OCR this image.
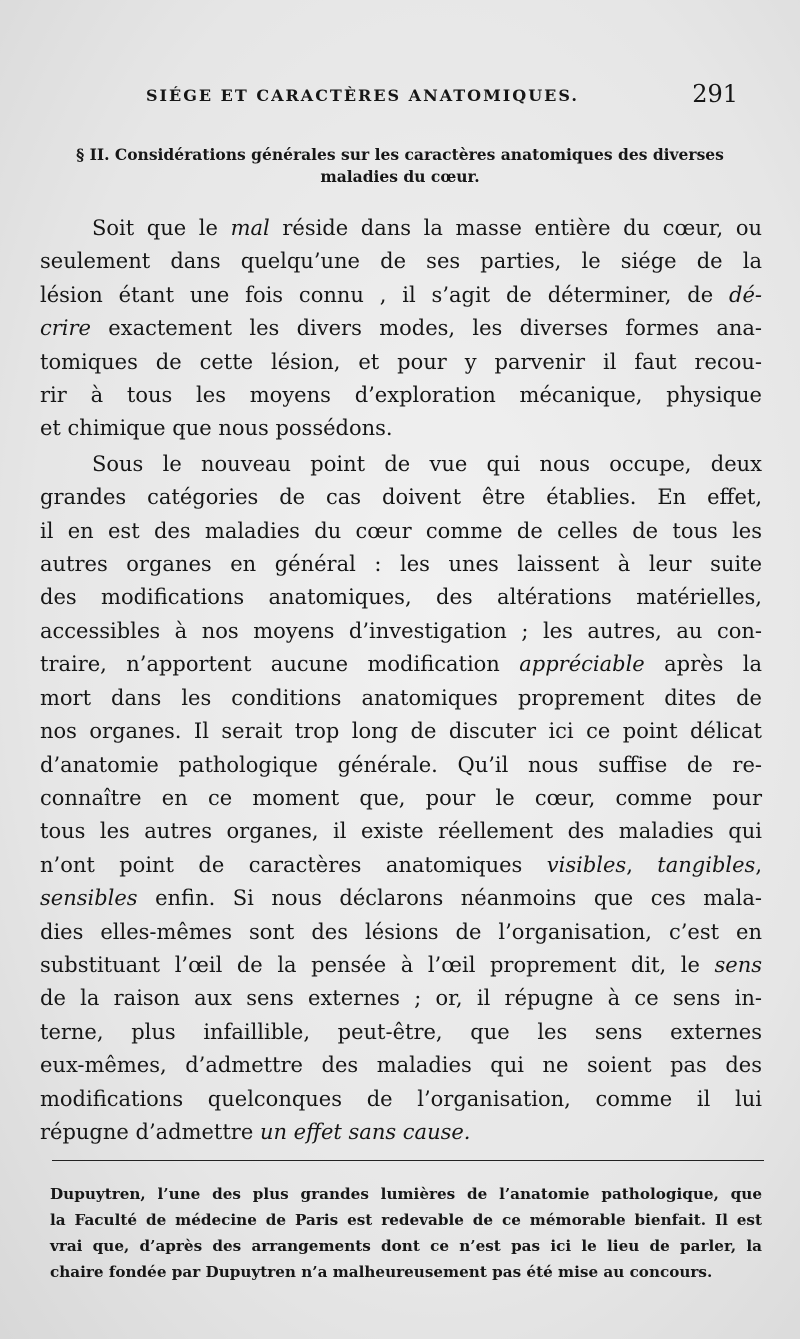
SIÉGE ET CARACTÈRES ANATOMIQUES.	291
§ II. Considérations générales sur les caractères anatomiques des diverses
maladies du cœur.

Soit que le mal réside dans la masse entière du cœur, ou
seulement dans quelqu’une de ses parties, le siége de la
lésion étant une fois connu , il s’agit de déterminer, de dé-
crire exactement les divers modes, les diverses formes ana-
tomiques de cette lésion, et pour y parvenir il faut recou-
rir à tous les moyens d’exploration mécanique, physique
et chimique que nous possédons.

Sous le nouveau point de vue qui nous occupe, deux
grandes catégories de cas doivent être établies. En effet,
il en est des maladies du cœur comme de celles de tous les
autres organes en général : les unes laissent à leur suite
des modifications anatomiques, des altérations matérielles,
accessibles à nos moyens d’investigation ; les autres, au con-
traire, n’apportent aucune modification appréciable après la
mort dans les conditions anatomiques proprement dites de
nos organes. Il serait trop long de discuter ici ce point délicat
d’anatomie pathologique générale. Qu’il nous suffise de re-
connaître en ce moment que, pour le cœur, comme pour
tous les autres organes, il existe réellement des maladies qui
n’ont point de caractères anatomiques visibles, tangibles,
sensibles enfin. Si nous déclarons néanmoins que ces mala-
dies elles-mêmes sont des lésions de l’organisation, c’est en
substituant l’œil de la pensée à l’œil proprement dit, le sens
de la raison aux sens externes ; or, il répugne à ce sens in-
terne, plus infaillible, peut-être, que les sens externes
eux-mêmes, d’admettre des maladies qui ne soient pas des
modifications quelconques de l’organisation, comme il lui
répugne d’admettre un effet sans cause.

Dupuytren, l’une des plus grandes lumières de l’anatomie pathologique, que
la Faculté de médecine de Paris est redevable de ce mémorable bienfait. Il est
vrai que, d’après des arrangements dont ce n’est pas ici le lieu de parler, la
chaire fondée par Dupuytren n’a malheureusement pas été mise au concours.
